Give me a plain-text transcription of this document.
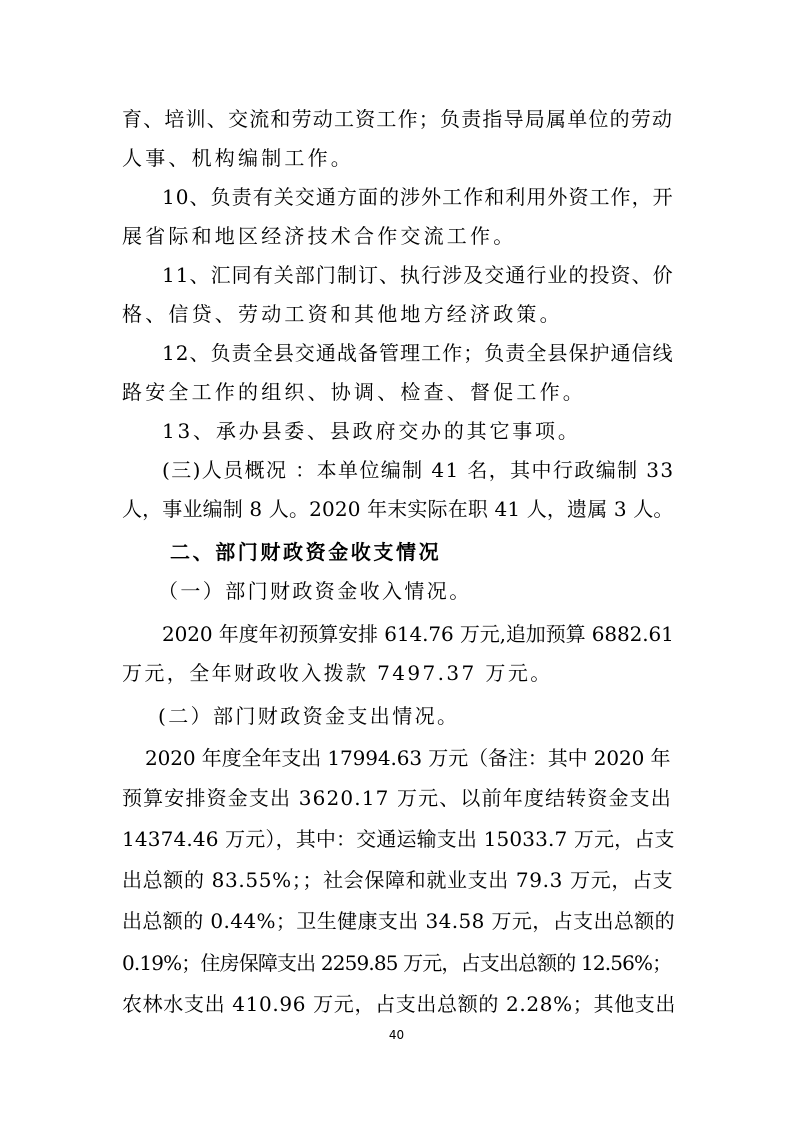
育、培训、交流和劳动工资工作；负责指导局属单位的劳动

人事、机构编制工作。

10、负责有关交通方面的涉外工作和利用外资工作，开

展省际和地区经济技术合作交流工作。

11、汇同有关部门制订、执行涉及交通行业的投资、价

格、信贷、劳动工资和其他地方经济政策。

12、负责全县交通战备管理工作；负责全县保护通信线

路安全工作的组织、协调、检查、督促工作。

13、承办县委、县政府交办的其它事项。

(三)人员概况 ：本单位编制 41 名，其中行政编制 33

人，事业编制 8 人。2020 年末实际在职 41 人，遗属 3 人。

二、部门财政资金收支情况

（一）部门财政资金收入情况。

2020 年度年初预算安排 614.76 万元,追加预算 6882.61

万元，全年财政收入拨款 7497.37 万元。

(二）部门财政资金支出情况。

2020 年度全年支出 17994.63 万元（备注：其中 2020 年

预算安排资金支出 3620.17 万元、以前年度结转资金支出

14374.46 万元），其中：交通运输支出 15033.7 万元，占支

出总额的 83.55%；；社会保障和就业支出 79.3 万元，占支

出总额的 0.44%；卫生健康支出 34.58 万元，占支出总额的

0.19%；住房保障支出 2259.85 万元，占支出总额的 12.56%；

农林水支出 410.96 万元，占支出总额的 2.28%；其他支出

40
